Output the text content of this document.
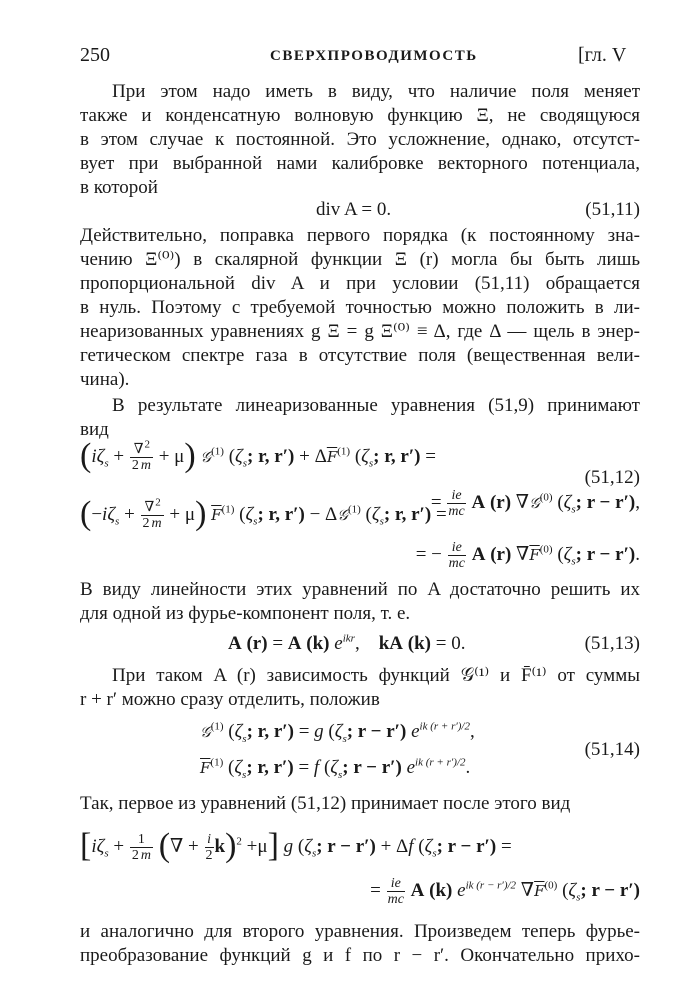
250	СВЕРХПРОВОДИМОСТЬ	[гл. V
При этом надо иметь в виду, что наличие поля меняет
также и конденсатную волновую функцию Ξ, не сводящуюся
в этом случае к постоянной. Это усложнение, однако, отсутст-
вует при выбранной нами калибровке векторного потенциала,
в которой
div A = 0.	(51,11)
Действительно, поправка первого порядка (к постоянному зна-
чению Ξ⁽⁰⁾) в скалярной функции Ξ (r) могла бы быть лишь
пропорциональной div A и при условии (51,11) обращается
в нуль. Поэтому с требуемой точностью можно положить в ли-
неаризованных уравнениях g Ξ = g Ξ⁽⁰⁾ ≡ Δ, где Δ — щель в энер-
гетическом спектре газа в отсутствие поля (вещественная вели-
чина).
В результате линеаризованные уравнения (51,9) принимают
вид
$(i\zeta_s + \frac{\nabla^2}{2 m} + \mu)$ 𝒢$^{(1)}$ ($\zeta_s$; r, $r') + \Delta\overline{F}^{(1)}$ ($\zeta_s$; r, r′) =
= $\frac{ie}{mc}$ A (r) ∇𝒢$^{(0)}$ ($\zeta_s$; r − r′),
(51,12)
$(-i\zeta_s + \frac{\nabla^2}{2 m} + \mu)$ $\overline{F}^{(1)}$ ($\zeta_s$; r, r′) − Δ𝒢$^{(1)}$ ($\zeta_s$; r, r′) =
= − $\frac{ie}{mc}$ A (r) $\nabla\overline{F}^{(0)}$ ($\zeta_s$; r − r′).
В виду линейности этих уравнений по A достаточно решить их
для одной из фурье-компонент поля, т. е.
A (r) = A (k) $e^{ikr}$,    kA (k) = 0.	(51,13)
При таком A (r) зависимость функций 𝒢⁽¹⁾ и F̄⁽¹⁾ от суммы
r + r′ можно сразу отделить, положив
𝒢$^{(1)}$ ($\zeta_s$; r, r′) = g ($\zeta_s$; r − r′) $e^{ik (r + r')/2}$,
(51,14)
$\overline{F}^{(1)}$ ($\zeta_s$; r, r′) = f ($\zeta_s$; r − r′) $e^{ik (r + r')/2}$.
Так, первое из уравнений (51,12) принимает после этого вид
[$i\zeta_s + \frac{1}{2 m}$ (∇ + $\frac{i}{2} k)^2 +\mu$] g ($\zeta_s$; r − r′) + Δf ($\zeta_s$; r − r′) =
= $\frac{ie}{mc}$ A (k) $e^{ik (r - r')/2}$ $\nabla\overline{F}^{(0)}$ ($\zeta_s$; r − r′)
и аналогично для второго уравнения. Произведем теперь фурье-
преобразование функций g и f по r − r′. Окончательно прихо-
